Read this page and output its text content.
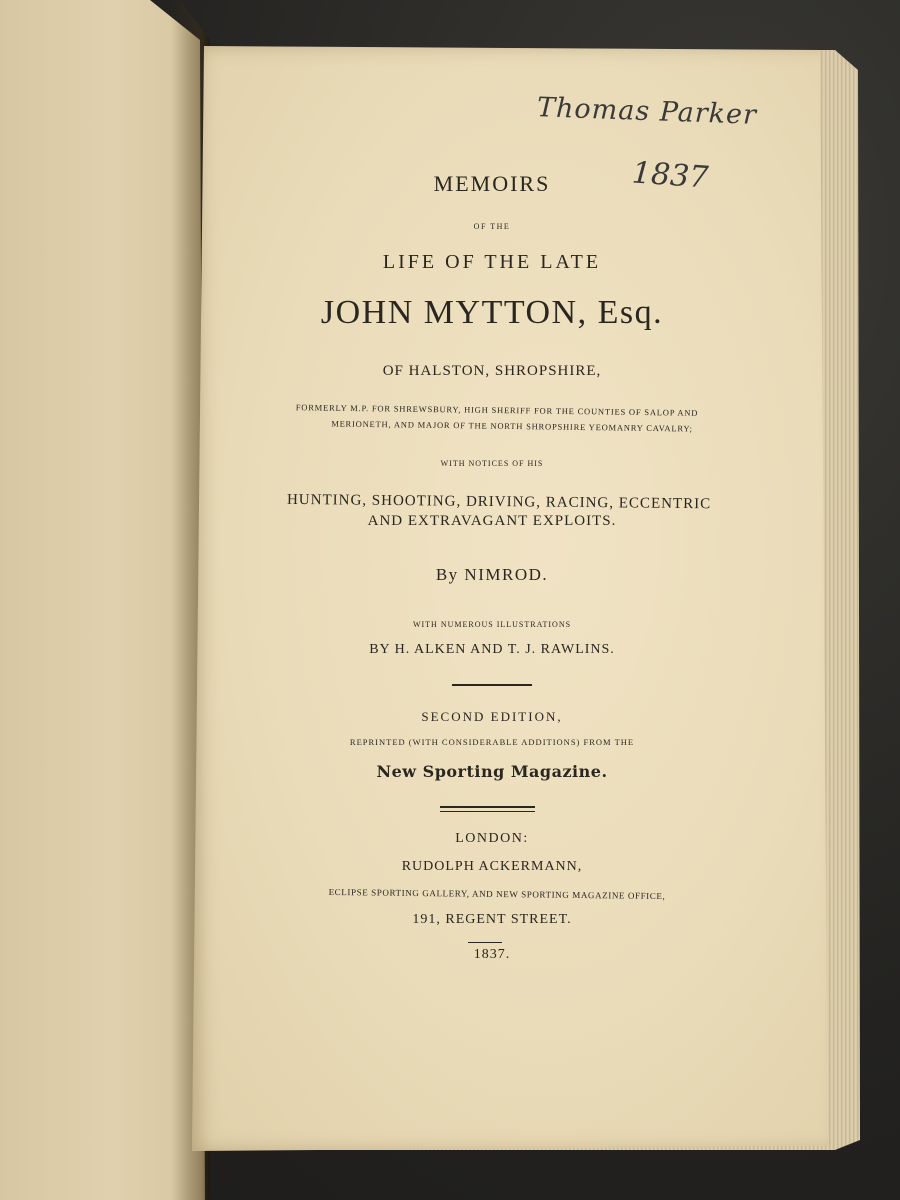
Thomas Parker
1837
MEMOIRS
OF THE
LIFE OF THE LATE
JOHN MYTTON, Esq.
OF HALSTON, SHROPSHIRE,
FORMERLY M.P. FOR SHREWSBURY, HIGH SHERIFF FOR THE COUNTIES OF SALOP AND
MERIONETH, AND MAJOR OF THE NORTH SHROPSHIRE YEOMANRY CAVALRY;
WITH NOTICES OF HIS
HUNTING, SHOOTING, DRIVING, RACING, ECCENTRIC
AND EXTRAVAGANT EXPLOITS.
By NIMROD.
WITH NUMEROUS ILLUSTRATIONS
BY H. ALKEN AND T. J. RAWLINS.
SECOND EDITION,
REPRINTED (WITH CONSIDERABLE ADDITIONS) FROM THE
New Sporting Magazine.
LONDON:
RUDOLPH ACKERMANN,
ECLIPSE SPORTING GALLERY, AND NEW SPORTING MAGAZINE OFFICE,
191, REGENT STREET.
1837.
